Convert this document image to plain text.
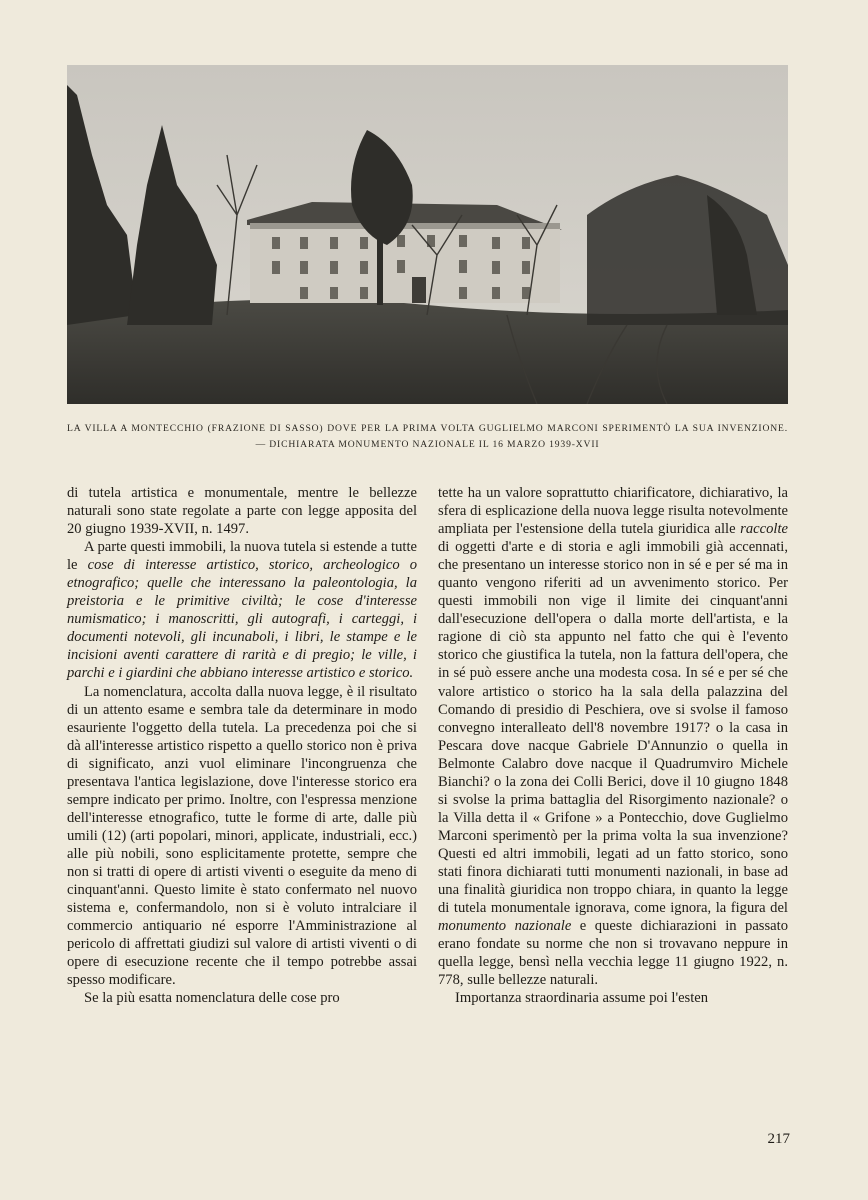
LA VILLA A MONTECCHIO (FRAZIONE DI SASSO) DOVE PER LA PRIMA VOLTA GUGLIELMO MARCONI SPERIMENTÒ LA SUA INVENZIONE. — DICHIARATA MONUMENTO NAZIONALE IL 16 MARZO 1939-XVII

di tutela artistica e monumentale, mentre le bellezze naturali sono state regolate a parte con legge apposita del 20 giugno 1939-XVII, n. 1497.

A parte questi immobili, la nuova tutela si estende a tutte le cose di interesse artistico, storico, archeologico o etnografico; quelle che interessano la paleontologia, la preistoria e le primitive civiltà; le cose d'interesse numismatico; i manoscritti, gli autografi, i carteggi, i documenti notevoli, gli incunaboli, i libri, le stampe e le incisioni aventi carattere di rarità e di pregio; le ville, i parchi e i giardini che abbiano interesse artistico e storico.

La nomenclatura, accolta dalla nuova legge, è il risultato di un attento esame e sembra tale da determinare in modo esauriente l'oggetto della tutela. La precedenza poi che si dà all'interesse artistico rispetto a quello storico non è priva di significato, anzi vuol eliminare l'incongruenza che presentava l'antica legislazione, dove l'interesse storico era sempre indicato per primo. Inoltre, con l'espressa menzione dell'interesse etnografico, tutte le forme di arte, dalle più umili (12) (arti popolari, minori, applicate, industriali, ecc.) alle più nobili, sono esplicitamente protette, sempre che non si tratti di opere di artisti viventi o eseguite da meno di cinquant'anni. Questo limite è stato confermato nel nuovo sistema e, confermandolo, non si è voluto intralciare il commercio antiquario né esporre l'Amministrazione al pericolo di affrettati giudizi sul valore di artisti viventi o di opere di esecuzione recente che il tempo potrebbe assai spesso modificare.

Se la più esatta nomenclatura delle cose pro

tette ha un valore soprattutto chiarificatore, dichiarativo, la sfera di esplicazione della nuova legge risulta notevolmente ampliata per l'estensione della tutela giuridica alle raccolte di oggetti d'arte e di storia e agli immobili già accennati, che presentano un interesse storico non in sé e per sé ma in quanto vengono riferiti ad un avvenimento storico. Per questi immobili non vige il limite dei cinquant'anni dall'esecuzione dell'opera o dalla morte dell'artista, e la ragione di ciò sta appunto nel fatto che qui è l'evento storico che giustifica la tutela, non la fattura dell'opera, che in sé può essere anche una modesta cosa. In sé e per sé che valore artistico o storico ha la sala della palazzina del Comando di presidio di Peschiera, ove si svolse il famoso convegno interalleato dell'8 novembre 1917? o la casa in Pescara dove nacque Gabriele D'Annunzio o quella in Belmonte Calabro dove nacque il Quadrumviro Michele Bianchi? o la zona dei Colli Berici, dove il 10 giugno 1848 si svolse la prima battaglia del Risorgimento nazionale? o la Villa detta il « Grifone » a Pontecchio, dove Guglielmo Marconi sperimentò per la prima volta la sua invenzione? Questi ed altri immobili, legati ad un fatto storico, sono stati finora dichiarati tutti monumenti nazionali, in base ad una finalità giuridica non troppo chiara, in quanto la legge di tutela monumentale ignorava, come ignora, la figura del monumento nazionale e queste dichiarazioni in passato erano fondate su norme che non si trovavano neppure in quella legge, bensì nella vecchia legge 11 giugno 1922, n. 778, sulle bellezze naturali.

Importanza straordinaria assume poi l'esten

217
